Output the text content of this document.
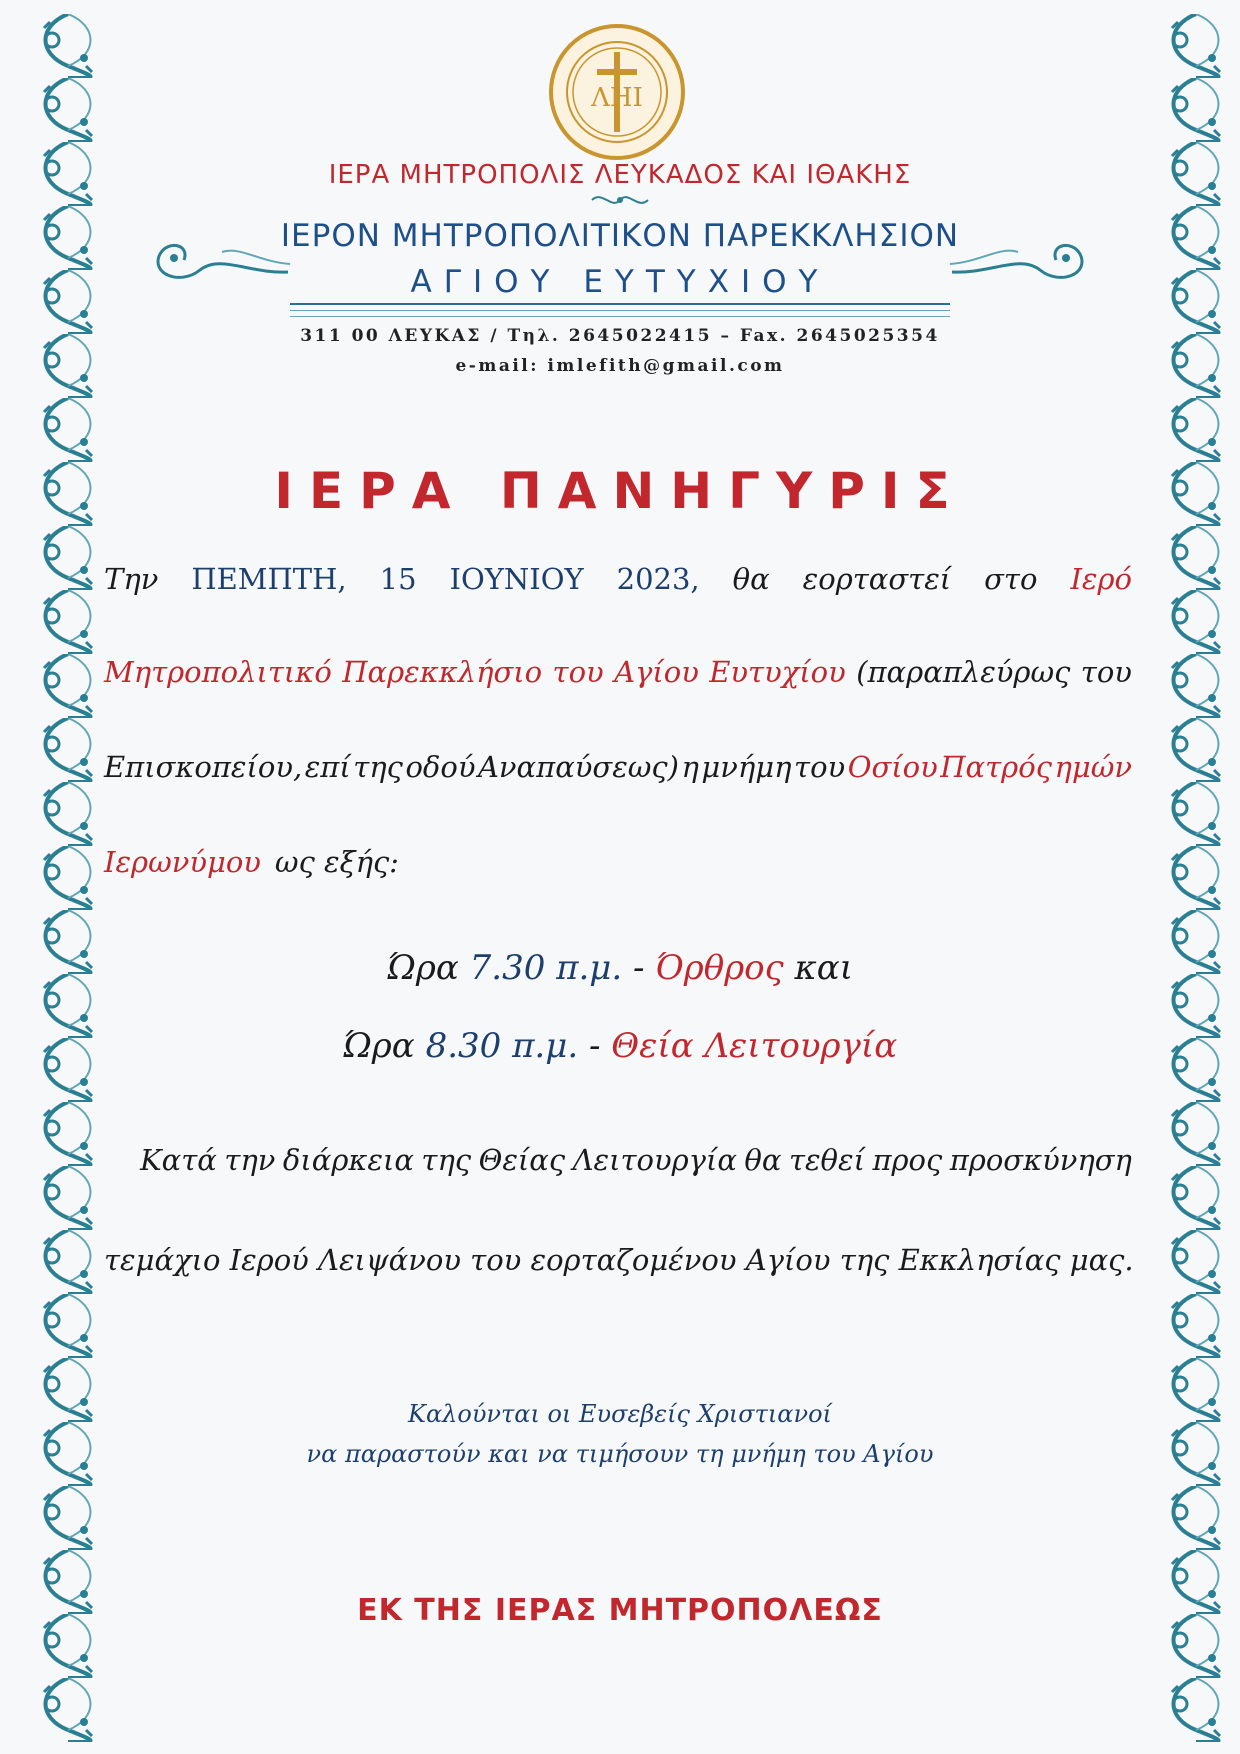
ΛΗΙ
ΙΕΡΑ ΜΗΤΡΟΠΟΛΙΣ ΛΕΥΚΑΔΟΣ ΚΑΙ ΙΘΑΚΗΣ
ΙΕΡΟΝ ΜΗΤΡΟΠΟΛΙΤΙΚΟΝ ΠΑΡΕΚΚΛΗΣΙΟΝ
ΑΓΙΟΥ ΕΥΤΥΧΙΟΥ
311 00 ΛΕΥΚΑΣ / Τηλ. 2645022415 – Fax. 2645025354
e-mail: imlefith@gmail.com
ΙΕΡΑ ΠΑΝΗΓΥΡΙΣ
Την ΠΕΜΠΤΗ, 15 ΙΟΥΝΙΟΥ 2023, θα εορταστεί στο Ιερό
Μητροπολιτικό Παρεκκλήσιο του Αγίου Ευτυχίου (παραπλεύρως του
Επισκοπείου, επί της οδού Αναπαύσεως) η μνήμη του Οσίου Πατρός ημών
Ιερωνύμου ως εξής:
Ώρα 7.30 π.μ. - Όρθρος και
Ώρα 8.30 π.μ. - Θεία Λειτουργία
Κατά την διάρκεια της Θείας Λειτουργία θα τεθεί προς προσκύνηση
τεμάχιο Ιερού Λειψάνου του εορταζομένου Αγίου της Εκκλησίας μας.
Καλούνται οι Ευσεβείς Χριστιανοί
να παραστούν και να τιμήσουν τη μνήμη του Αγίου
ΕΚ ΤΗΣ ΙΕΡΑΣ ΜΗΤΡΟΠΟΛΕΩΣ
